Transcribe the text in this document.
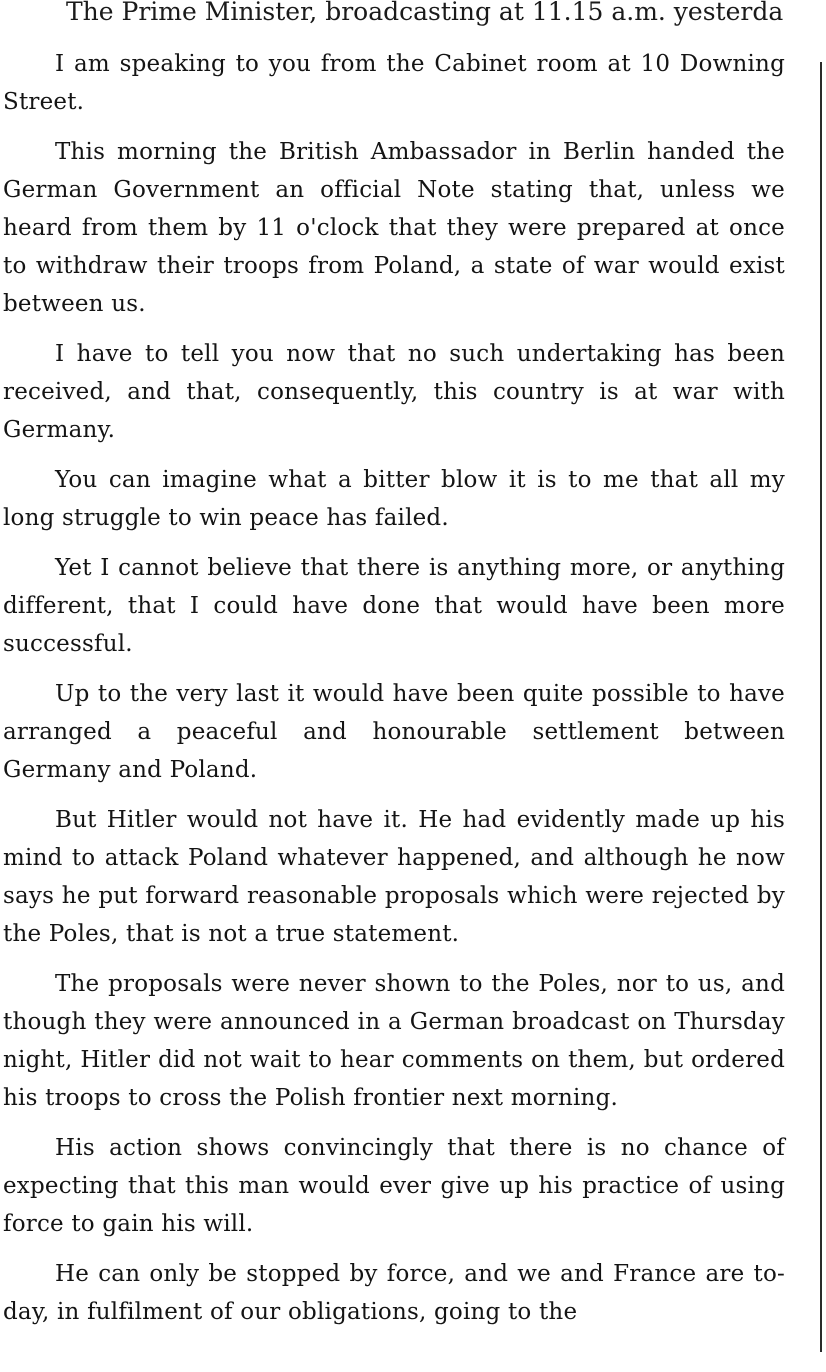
The Prime Minister, broadcasting at 11.15 a.m. yesterda

I am speaking to you from the Cabinet room at 10 Downing Street.

This morning the British Ambassador in Berlin handed the German Government an official Note stating that, unless we heard from them by 11 o'clock that they were prepared at once to withdraw their troops from Poland, a state of war would exist between us.

I have to tell you now that no such undertaking has been received, and that, consequently, this country is at war with Germany.

You can imagine what a bitter blow it is to me that all my long struggle to win peace has failed.

Yet I cannot believe that there is anything more, or anything different, that I could have done that would have been more successful.

Up to the very last it would have been quite possible to have arranged a peaceful and honourable settlement between Germany and Poland.

But Hitler would not have it. He had evidently made up his mind to attack Poland whatever happened, and although he now says he put forward reasonable proposals which were rejected by the Poles, that is not a true statement.

The proposals were never shown to the Poles, nor to us, and though they were announced in a German broadcast on Thursday night, Hitler did not wait to hear comments on them, but ordered his troops to cross the Polish frontier next morning.

His action shows convincingly that there is no chance of expecting that this man would ever give up his practice of using force to gain his will.

He can only be stopped by force, and we and France are to-day, in fulfilment of our obligations, going to the
